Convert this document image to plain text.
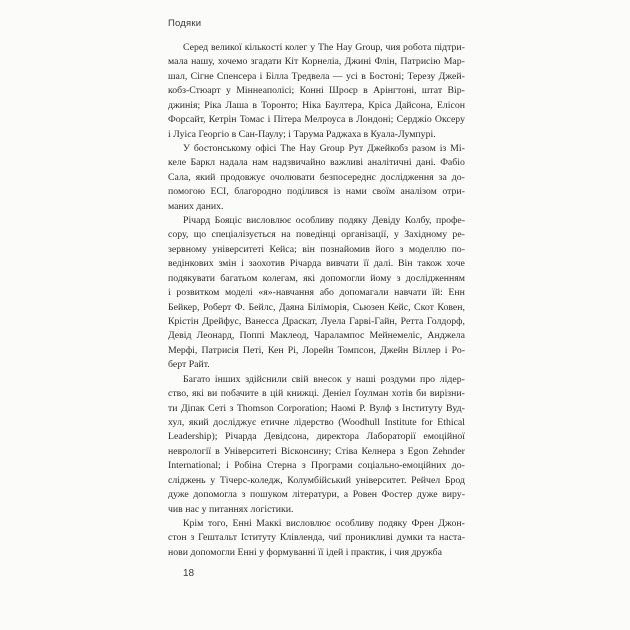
Подяки
Серед великої кількості колег у The Hay Group, чия робота підтри-
мала нашу, хочемо згадати Кіт Корнеліа, Джині Флін, Патрисію Мар-
шал, Сігне Спенсера і Білла Тредвела — усі в Бостоні; Терезу Джей-
кобз-Стюарт у Міннеаполісі; Конні Шроєр в Арінгтоні, штат Вір-
джинія; Ріка Лаша в Торонто; Ніка Баултера, Кріса Дайсона, Елісон
Форсайт, Кетрін Томас і Пітера Мелроуса в Лондоні; Серджіо Оксеру
і Луіса Георгіо в Сан-Паулу; і Тарума Раджаха в Куала-Лумпурі.
У бостонському офісі The Hay Group Рут Джейкобз разом із Мі-
келе Баркл надала нам надзвичайно важливі аналітичні дані. Фабіо
Сала, який продовжує очолювати безпосереднє дослідження за до-
помогою ECI, благородно поділився із нами своїм аналізом отри-
маних даних.
Річард Бояціс висловлює особливу подяку Девіду Колбу, профе-
сору, що спеціалізується на поведінці організації, у Західному ре-
зервному університеті Кейса; він познайомив його з моделлю по-
ведінкових змін і заохотив Річарда вивчати її далі. Він також хоче
подякувати багатьом колегам, які допомогли йому з дослідженням
і розвитком моделі «я»-навчання або допомагали навчати їй: Енн
Бейкер, Роберт Ф. Бейлс, Даяна Біліморія, Сьюзен Кейс, Скот Ковен,
Крістін Дрейфус, Ванесса Драскат, Луела Гарві-Гайн, Ретта Голдорф,
Девід Леонард, Поппі Маклеод, Чаралампос Мейнемеліс, Анджела
Мерфі, Патрисія Петі, Кен Рі, Лорейн Томпсон, Джейн Віллер і Ро-
берт Райт.
Багато інших здійснили свій внесок у наші роздуми про лідер-
ство, які ви побачите в цій книжці. Деніел Ґоулман хотів би вирізни-
ти Діпак Сеті з Thomson Corporation; Наомі Р. Вулф з Інституту Вуд-
хул, який досліджує етичне лідерство (Woodhull Institute for Ethical
Leadership); Річарда Девідсона, директора Лабораторії емоційної
неврології в Університеті Вісконсину; Стіва Келнера з Egon Zehnder
International; і Робіна Стерна з Програми соціально-емоційних до-
сліджень у Тічерс-коледж, Колумбійський університет. Рейчел Брод
дуже допомогла з пошуком літератури, а Ровен Фостер дуже виру-
чив нас у питаннях логістики.
Крім того, Енні Маккі висловлює особливу подяку Френ Джон-
стон з Гештальт Іституту Клівленда, чиї проникливі думки та наста-
нови допомогли Енні у формуванні її ідей і практик, і чия дружба
18
